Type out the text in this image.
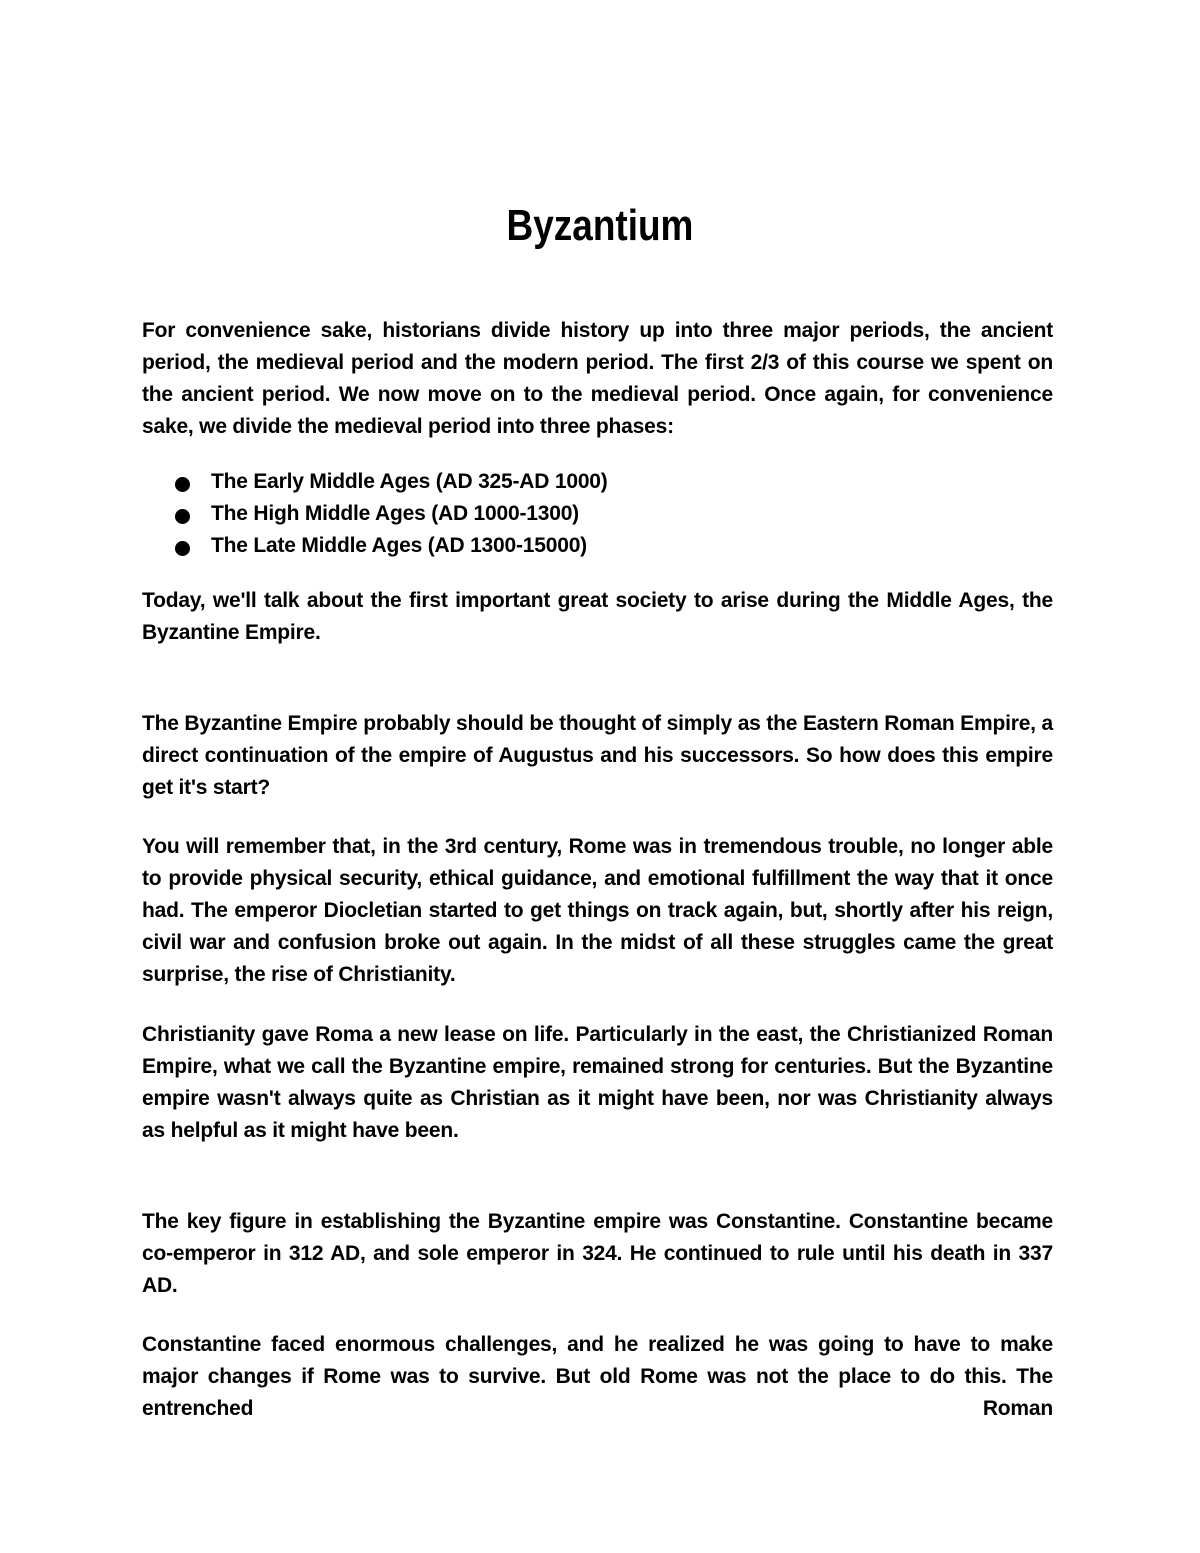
Byzantium

For convenience sake, historians divide history up into three major periods, the ancient period, the medieval period and the modern period. The first 2/3 of this course we spent on the ancient period. We now move on to the medieval period. Once again, for convenience sake, we divide the medieval period into three phases:

The Early Middle Ages (AD 325-AD 1000)
The High Middle Ages (AD 1000-1300)
The Late Middle Ages (AD 1300-15000)

Today, we'll talk about the first important great society to arise during the Middle Ages, the Byzantine Empire.

The Byzantine Empire probably should be thought of simply as the Eastern Roman Empire, a direct continuation of the empire of Augustus and his successors. So how does this empire get it's start?

You will remember that, in the 3rd century, Rome was in tremendous trouble, no longer able to provide physical security, ethical guidance, and emotional fulfillment the way that it once had. The emperor Diocletian started to get things on track again, but, shortly after his reign, civil war and confusion broke out again. In the midst of all these struggles came the great surprise, the rise of Christianity.

Christianity gave Roma a new lease on life. Particularly in the east, the Christianized Roman Empire, what we call the Byzantine empire, remained strong for centuries. But the Byzantine empire wasn't always quite as Christian as it might have been, nor was Christianity always as helpful as it might have been.

The key figure in establishing the Byzantine empire was Constantine. Constantine became co-emperor in 312 AD, and sole emperor in 324. He continued to rule until his death in 337 AD.

Constantine faced enormous challenges, and he realized he was going to have to make major changes if Rome was to survive. But old Rome was not the place to do this. The entrenched Roman
